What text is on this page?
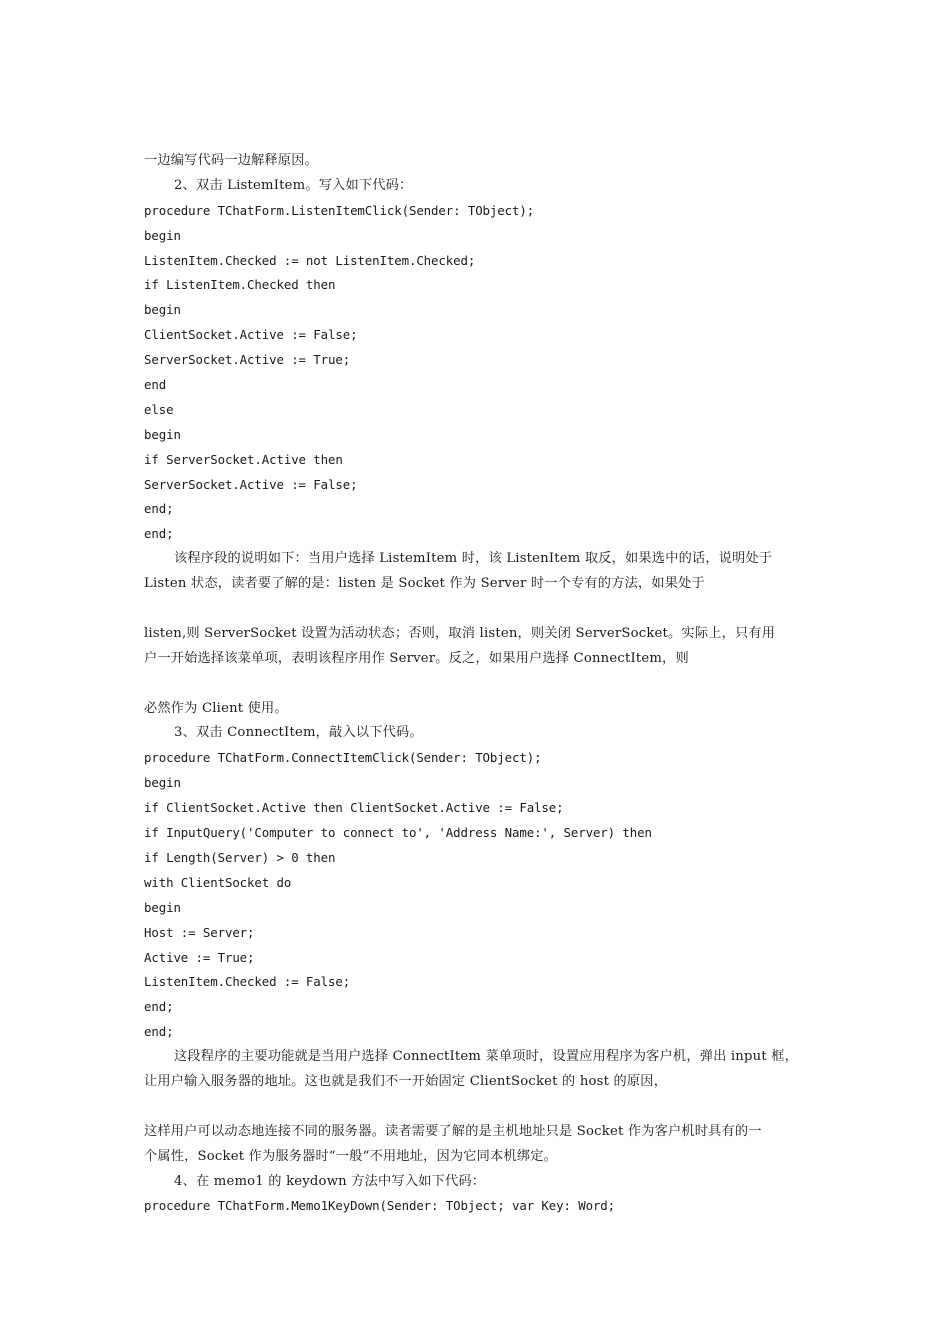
一边编写代码一边解释原因。
2、双击 ListemItem。写入如下代码：
procedure TChatForm.ListenItemClick(Sender: TObject);
begin
ListenItem.Checked := not ListenItem.Checked;
if ListenItem.Checked then
begin
ClientSocket.Active := False;
ServerSocket.Active := True;
end
else
begin
if ServerSocket.Active then
ServerSocket.Active := False;
end;
end;
该程序段的说明如下：当用户选择 ListemItem 时，该 ListenItem 取反，如果选中的话，说明处于
Listen 状态，读者要了解的是：listen 是 Socket 作为 Server 时一个专有的方法，如果处于
listen,则 ServerSocket 设置为活动状态；否则，取消 listen，则关闭 ServerSocket。实际上，只有用
户一开始选择该菜单项，表明该程序用作 Server。反之，如果用户选择 ConnectItem，则
必然作为 Client 使用。
3、双击 ConnectItem，敲入以下代码。
procedure TChatForm.ConnectItemClick(Sender: TObject);
begin
if ClientSocket.Active then ClientSocket.Active := False;
if InputQuery('Computer to connect to', 'Address Name:', Server) then
if Length(Server) > 0 then
with ClientSocket do
begin
Host := Server;
Active := True;
ListenItem.Checked := False;
end;
end;
这段程序的主要功能就是当用户选择 ConnectItem 菜单项时，设置应用程序为客户机，弹出 input 框，
让用户输入服务器的地址。这也就是我们不一开始固定 ClientSocket 的 host 的原因，
这样用户可以动态地连接不同的服务器。读者需要了解的是主机地址只是 Socket 作为客户机时具有的一
个属性，Socket 作为服务器时“一般“不用地址，因为它同本机绑定。
4、在 memo1 的 keydown 方法中写入如下代码：
procedure TChatForm.Memo1KeyDown(Sender: TObject; var Key: Word;
